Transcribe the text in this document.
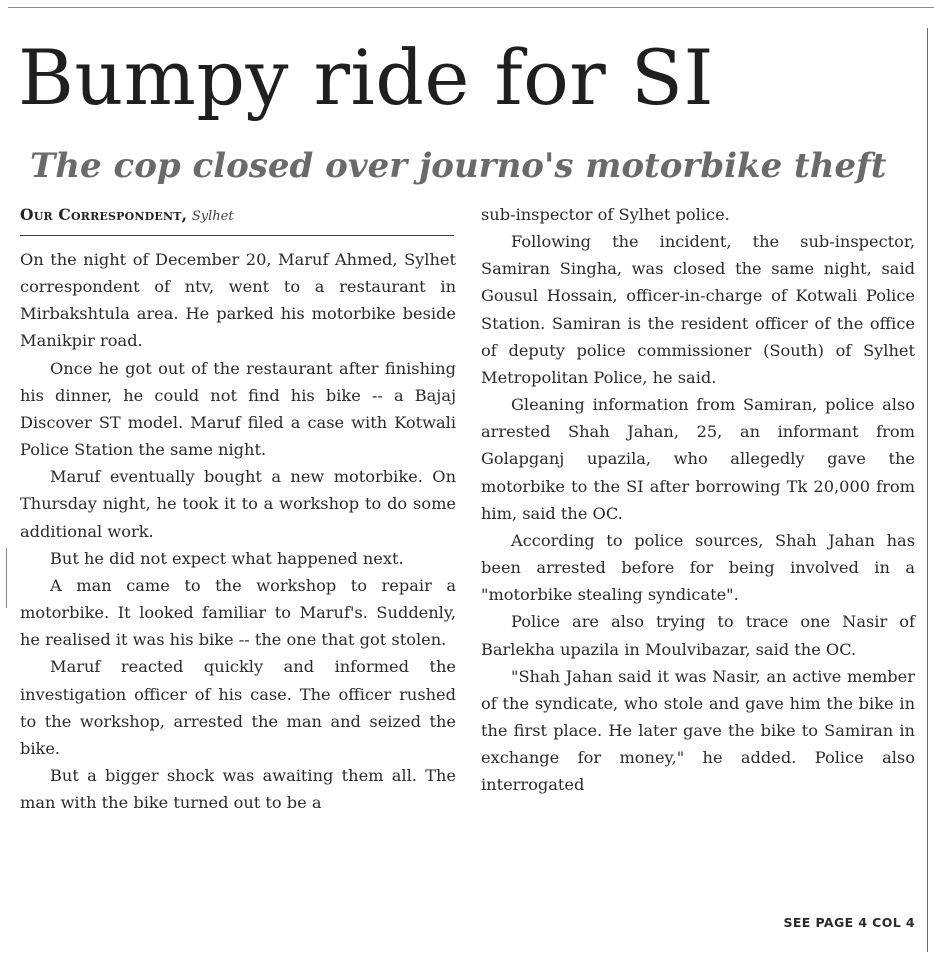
Bumpy ride for SI
The cop closed over journo's motorbike theft
Our Correspondent, Sylhet

On the night of December 20, Maruf Ahmed, Sylhet correspondent of ntv, went to a restaurant in Mirbakshtula area. He parked his motorbike beside Manikpir road.

Once he got out of the restaurant after finishing his dinner, he could not find his bike -- a Bajaj Discover ST model. Maruf filed a case with Kotwali Police Station the same night.

Maruf eventually bought a new motorbike. On Thursday night, he took it to a workshop to do some additional work.

But he did not expect what happened next.

A man came to the workshop to repair a motorbike. It looked familiar to Maruf's. Suddenly, he realised it was his bike -- the one that got stolen.

Maruf reacted quickly and informed the investigation officer of his case. The officer rushed to the workshop, arrested the man and seized the bike.

But a bigger shock was awaiting them all. The man with the bike turned out to be a

sub-inspector of Sylhet police.

Following the incident, the sub-inspector, Samiran Singha, was closed the same night, said Gousul Hossain, officer-in-charge of Kotwali Police Station. Samiran is the resident officer of the office of deputy police commissioner (South) of Sylhet Metropolitan Police, he said.

Gleaning information from Samiran, police also arrested Shah Jahan, 25, an informant from Golapganj upazila, who allegedly gave the motorbike to the SI after borrowing Tk 20,000 from him, said the OC.

According to police sources, Shah Jahan has been arrested before for being involved in a "motorbike stealing syndicate".

Police are also trying to trace one Nasir of Barlekha upazila in Moulvibazar, said the OC.

"Shah Jahan said it was Nasir, an active member of the syndicate, who stole and gave him the bike in the first place. He later gave the bike to Samiran in exchange for money," he added. Police also interrogated

SEE PAGE 4 COL 4
